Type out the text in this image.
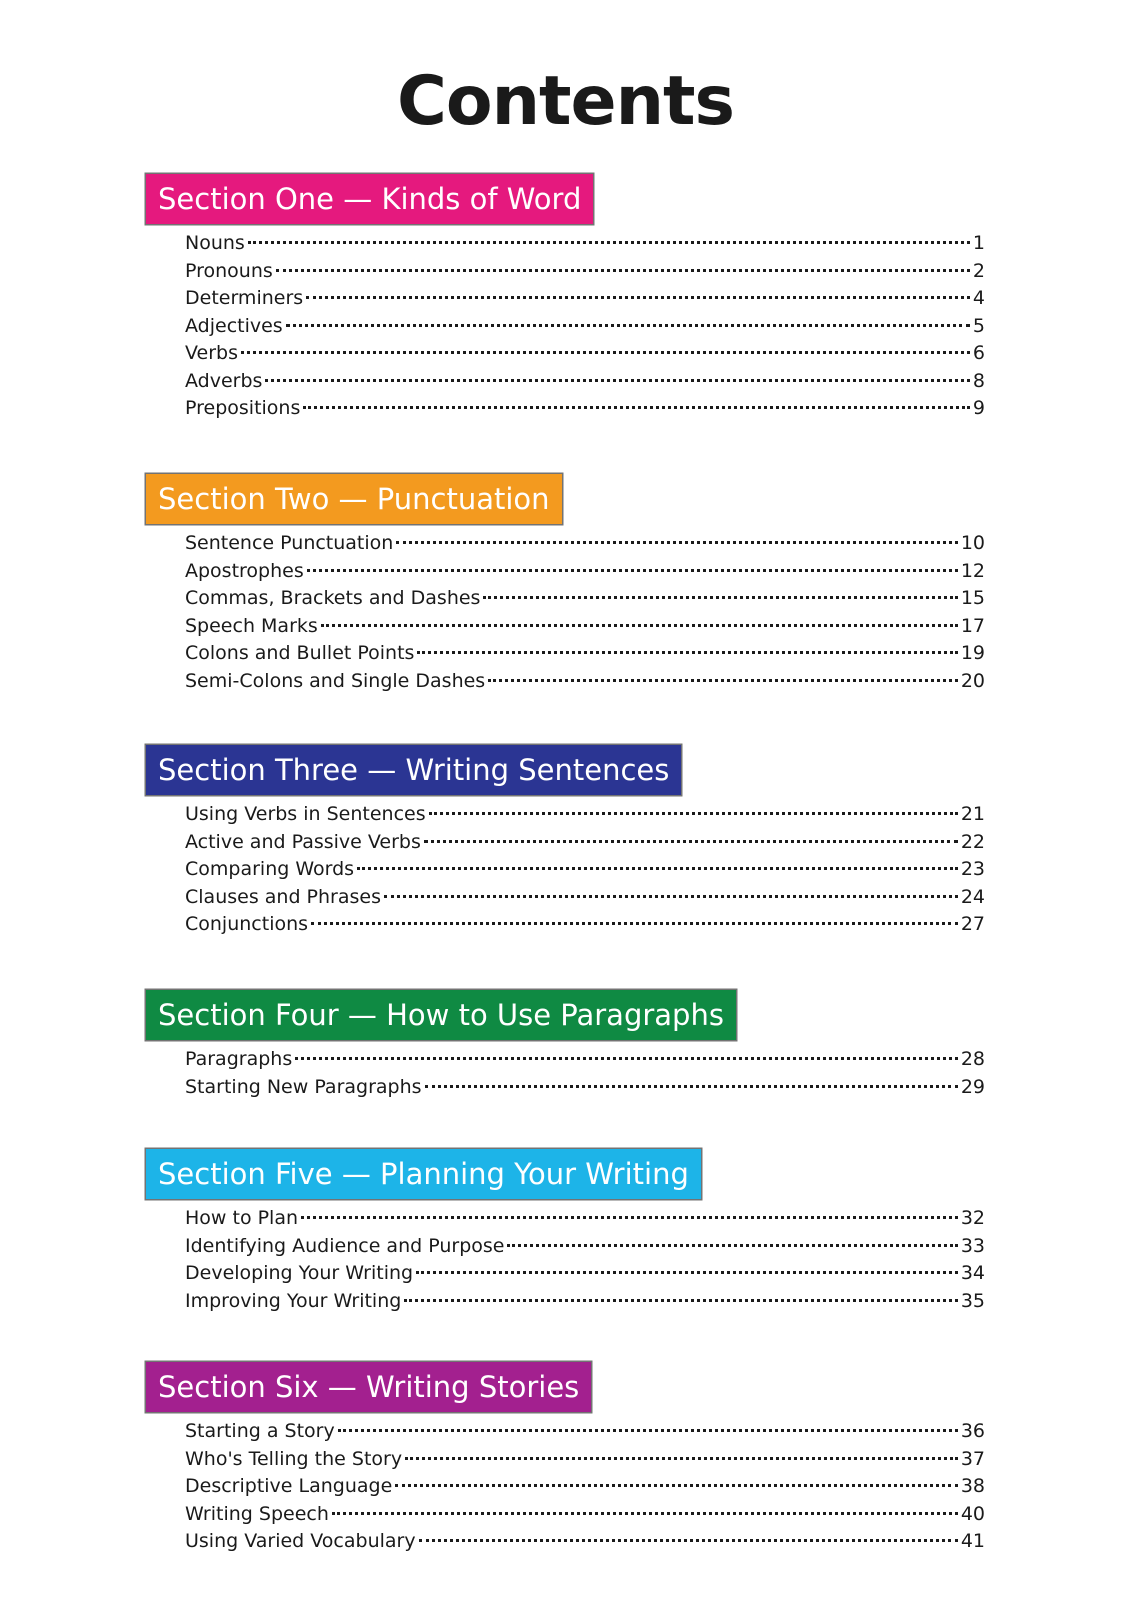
Contents
Section One — Kinds of Word
Nouns	1
Pronouns	2
Determiners	4
Adjectives	5
Verbs	6
Adverbs	8
Prepositions	9
Section Two — Punctuation
Sentence Punctuation	10
Apostrophes	12
Commas, Brackets and Dashes	15
Speech Marks	17
Colons and Bullet Points	19
Semi-Colons and Single Dashes	20
Section Three — Writing Sentences
Using Verbs in Sentences	21
Active and Passive Verbs	22
Comparing Words	23
Clauses and Phrases	24
Conjunctions	27
Section Four — How to Use Paragraphs
Paragraphs	28
Starting New Paragraphs	29
Section Five — Planning Your Writing
How to Plan	32
Identifying Audience and Purpose	33
Developing Your Writing	34
Improving Your Writing	35
Section Six — Writing Stories
Starting a Story	36
Who's Telling the Story	37
Descriptive Language	38
Writing Speech	40
Using Varied Vocabulary	41
